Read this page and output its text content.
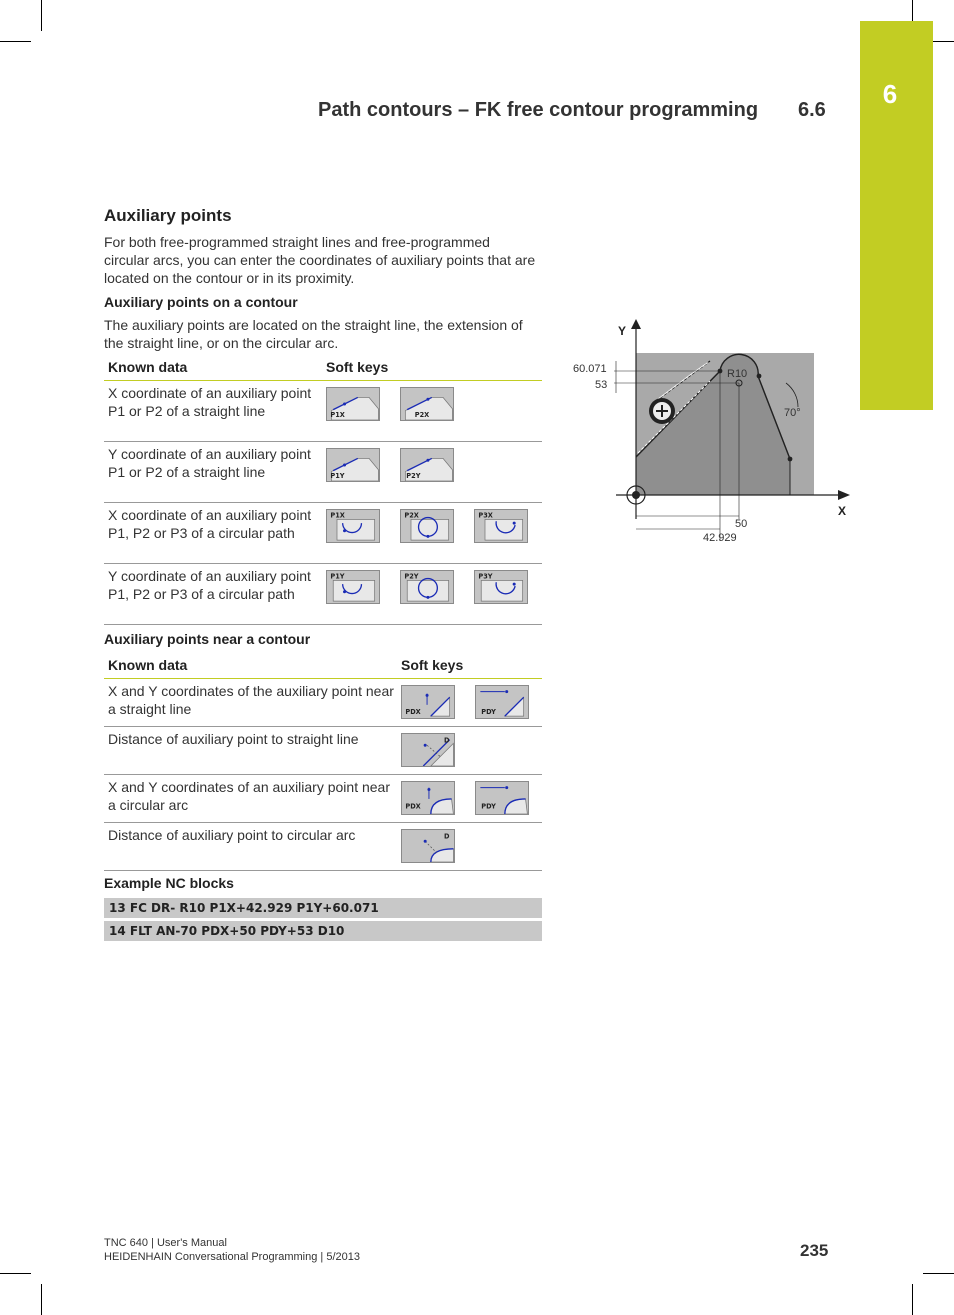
6
Path contours – FK free contour programming 6.6
Auxiliary points
For both free-programmed straight lines and free-programmed circular arcs, you can enter the coordinates of auxiliary points that are located on the contour or in its proximity.
Auxiliary points on a contour
The auxiliary points are located on the straight line, the extension of the straight line, or on the circular arc.
Known data	Soft keys
X coordinate of an auxiliary point P1 or P2 of a straight line	P1X P2X

Y coordinate of an auxiliary point P1 or P2 of a straight line	P1Y P2Y

X coordinate of an auxiliary point P1, P2 or P3 of a circular path	P1X P2X P3X

Y coordinate of an auxiliary point P1, P2 or P3 of a circular path	P1Y P2Y P3Y
Auxiliary points near a contour
Known data	Soft keys
X and Y coordinates of the auxiliary point near a straight line	PDX PDY

Distance of auxiliary point to straight line	D

X and Y coordinates of an auxiliary point near a circular arc	PDX PDY

Distance of auxiliary point to circular arc	D
Example NC blocks
13 FC DR- R10 P1X+42.929 P1Y+60.071
14 FLT AN-70 PDX+50 PDY+53 D10
Y
X
60.071
53
R10
70°
50
42.929
TNC 640 | User's Manual
HEIDENHAIN Conversational Programming | 5/2013	235
